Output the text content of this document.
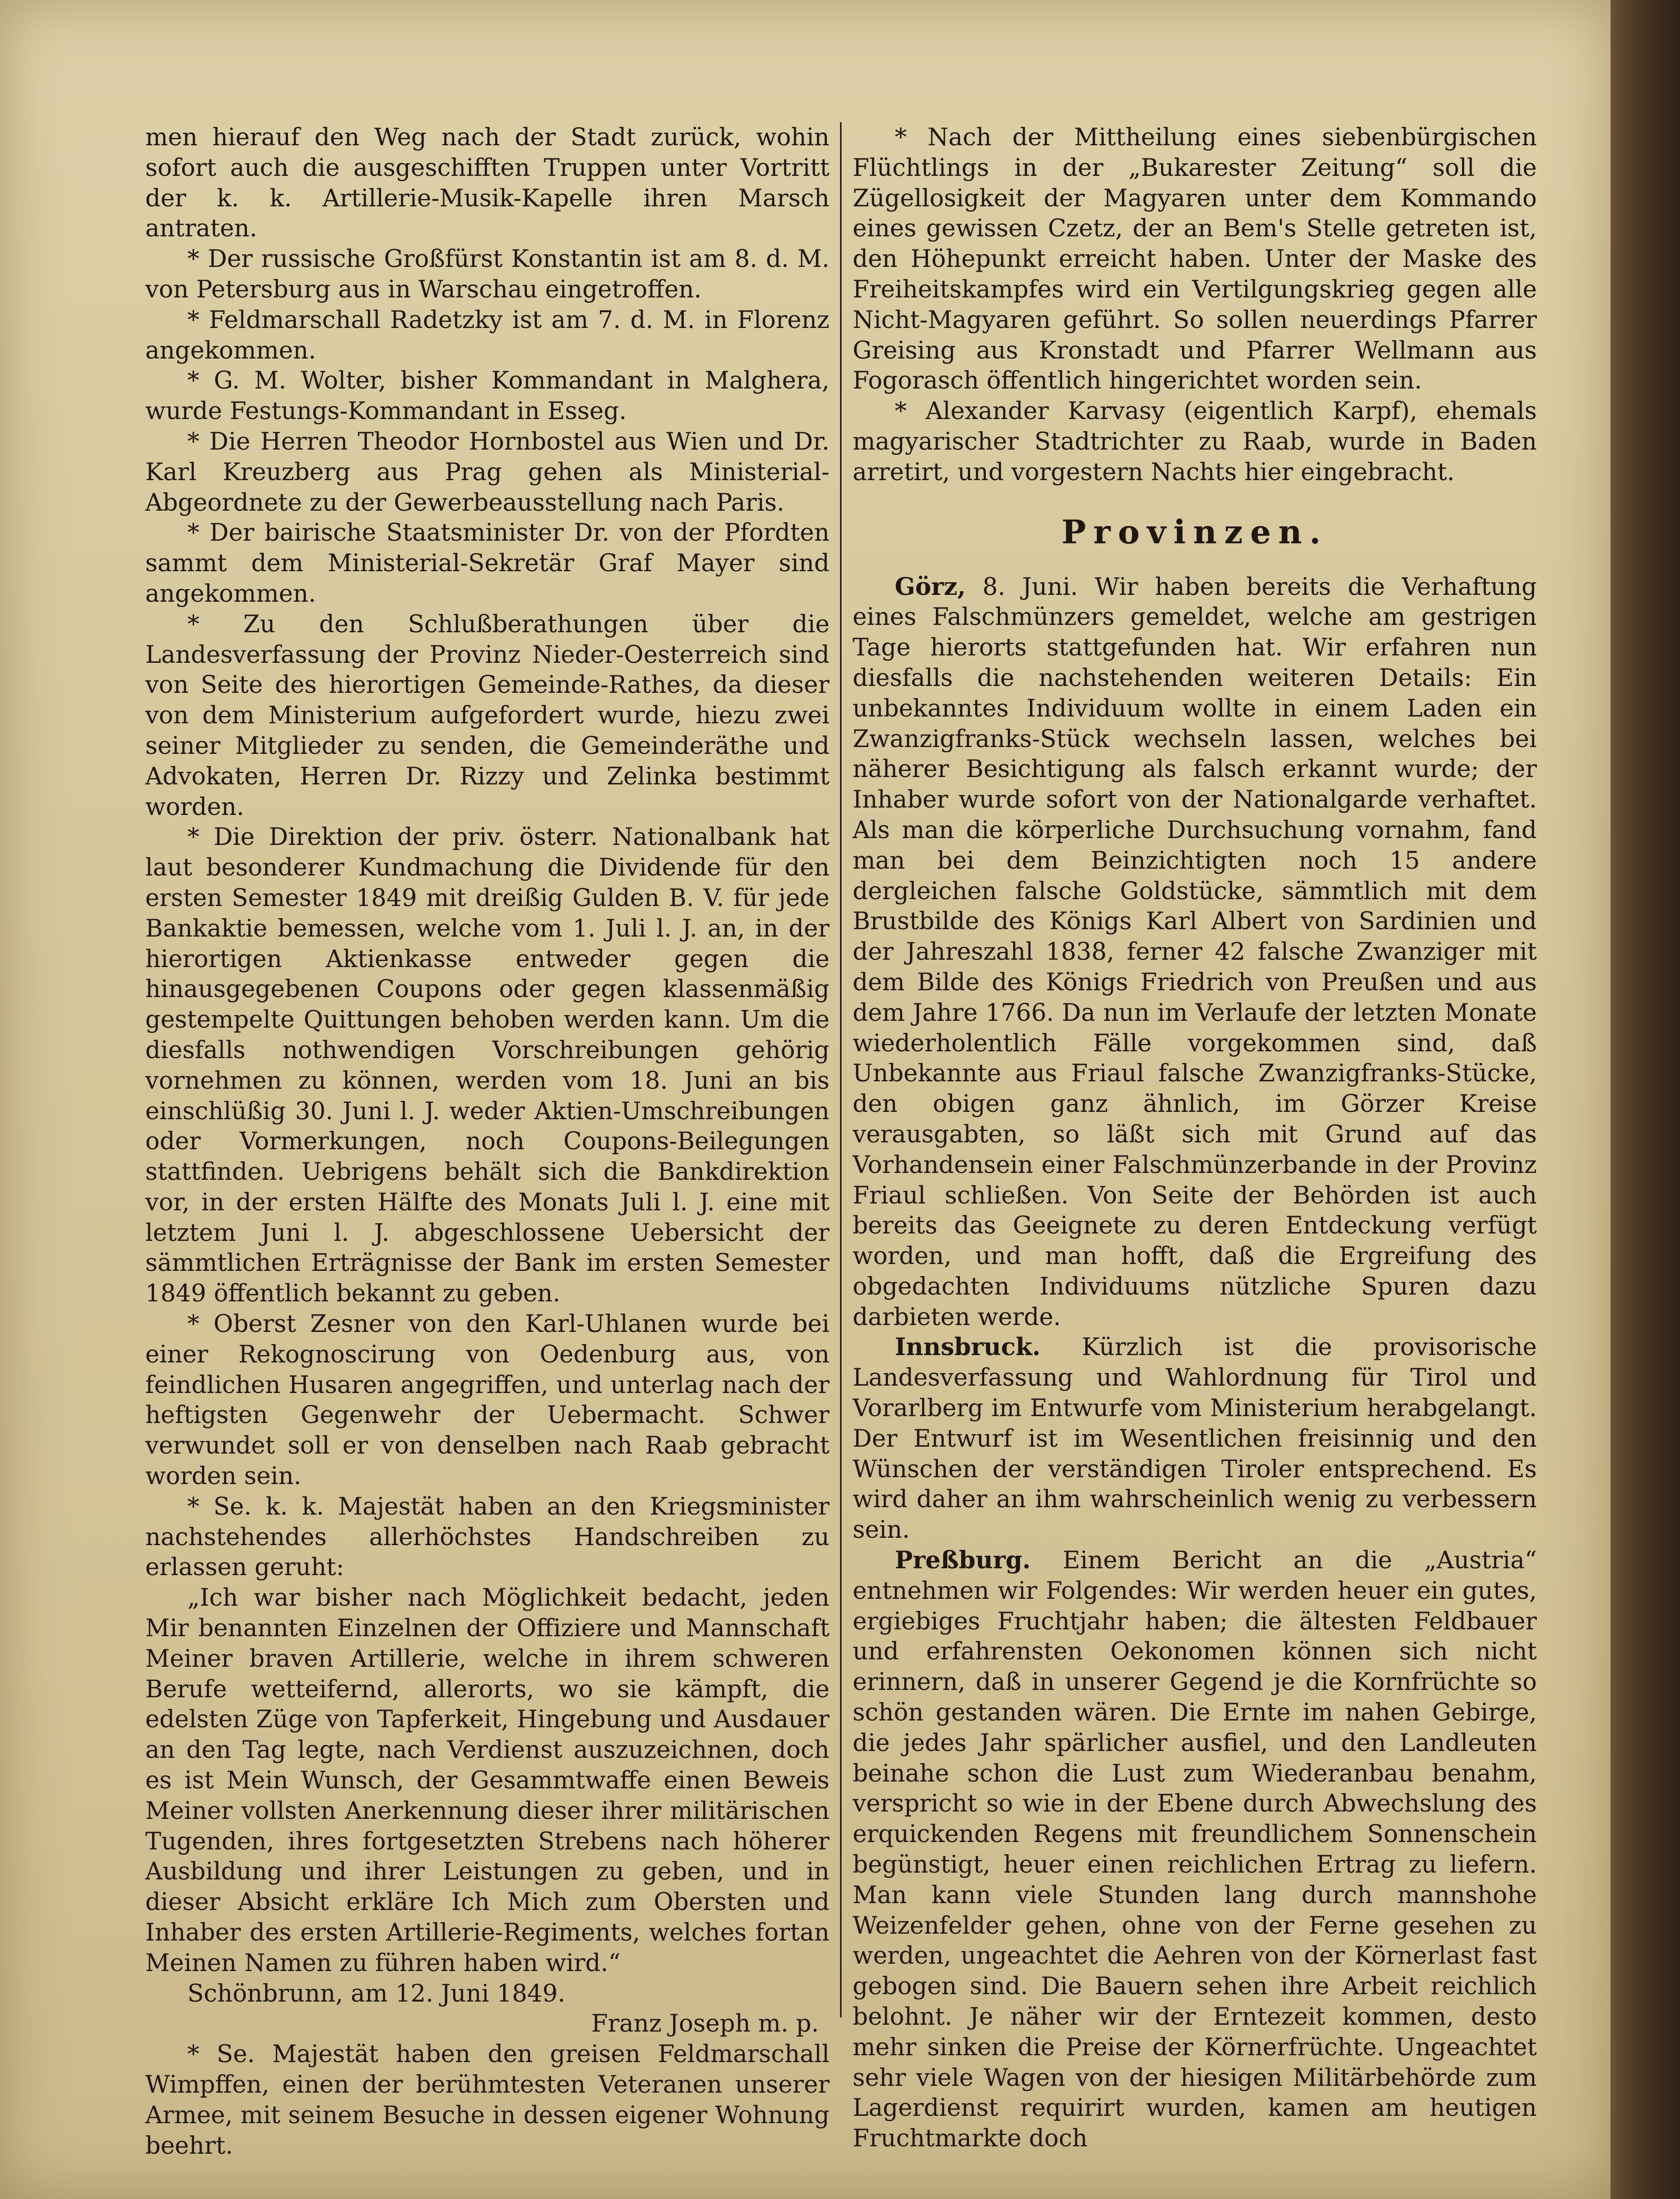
men hierauf den Weg nach der Stadt zurück, wohin sofort auch die ausgeschifften Truppen unter Vortritt der k. k. Artillerie-Musik-Kapelle ihren Marsch antraten.

* Der russische Großfürst Konstantin ist am 8. d. M. von Petersburg aus in Warschau eingetroffen.

* Feldmarschall Radetzky ist am 7. d. M. in Florenz angekommen.

* G. M. Wolter, bisher Kommandant in Malghera, wurde Festungs-Kommandant in Esseg.

* Die Herren Theodor Hornbostel aus Wien und Dr. Karl Kreuzberg aus Prag gehen als Ministerial-Abgeordnete zu der Gewerbeausstellung nach Paris.

* Der bairische Staatsminister Dr. von der Pfordten sammt dem Ministerial-Sekretär Graf Mayer sind angekommen.

* Zu den Schlußberathungen über die Landesverfassung der Provinz Nieder-Oesterreich sind von Seite des hierortigen Gemeinde-Rathes, da dieser von dem Ministerium aufgefordert wurde, hiezu zwei seiner Mitglieder zu senden, die Gemeinderäthe und Advokaten, Herren Dr. Rizzy und Zelinka bestimmt worden.

* Die Direktion der priv. österr. Nationalbank hat laut besonderer Kundmachung die Dividende für den ersten Semester 1849 mit dreißig Gulden B. V. für jede Bankaktie bemessen, welche vom 1. Juli l. J. an, in der hierortigen Aktienkasse entweder gegen die hinausgegebenen Coupons oder gegen klassenmäßig gestempelte Quittungen behoben werden kann. Um die diesfalls nothwendigen Vorschreibungen gehörig vornehmen zu können, werden vom 18. Juni an bis einschlüßig 30. Juni l. J. weder Aktien-Umschreibungen oder Vormerkungen, noch Coupons-Beilegungen stattfinden. Uebrigens behält sich die Bankdirektion vor, in der ersten Hälfte des Monats Juli l. J. eine mit letztem Juni l. J. abgeschlossene Uebersicht der sämmtlichen Erträgnisse der Bank im ersten Semester 1849 öffentlich bekannt zu geben.

* Oberst Zesner von den Karl-Uhlanen wurde bei einer Rekognoscirung von Oedenburg aus, von feindlichen Husaren angegriffen, und unterlag nach der heftigsten Gegenwehr der Uebermacht. Schwer verwundet soll er von denselben nach Raab gebracht worden sein.

* Se. k. k. Majestät haben an den Kriegsminister nachstehendes allerhöchstes Handschreiben zu erlassen geruht:

„Ich war bisher nach Möglichkeit bedacht, jeden Mir benannten Einzelnen der Offiziere und Mannschaft Meiner braven Artillerie, welche in ihrem schweren Berufe wetteifernd, allerorts, wo sie kämpft, die edelsten Züge von Tapferkeit, Hingebung und Ausdauer an den Tag legte, nach Verdienst auszuzeichnen, doch es ist Mein Wunsch, der Gesammtwaffe einen Beweis Meiner vollsten Anerkennung dieser ihrer militärischen Tugenden, ihres fortgesetzten Strebens nach höherer Ausbildung und ihrer Leistungen zu geben, und in dieser Absicht erkläre Ich Mich zum Obersten und Inhaber des ersten Artillerie-Regiments, welches fortan Meinen Namen zu führen haben wird.“

Schönbrunn, am 12. Juni 1849.

Franz Joseph m. p.

* Se. Majestät haben den greisen Feldmarschall Wimpffen, einen der berühmtesten Veteranen unserer Armee, mit seinem Besuche in dessen eigener Wohnung beehrt.

* Nach der Mittheilung eines siebenbürgischen Flüchtlings in der „Bukarester Zeitung“ soll die Zügellosigkeit der Magyaren unter dem Kommando eines gewissen Czetz, der an Bem's Stelle getreten ist, den Höhepunkt erreicht haben. Unter der Maske des Freiheitskampfes wird ein Vertilgungskrieg gegen alle Nicht-Magyaren geführt. So sollen neuerdings Pfarrer Greising aus Kronstadt und Pfarrer Wellmann aus Fogorasch öffentlich hingerichtet worden sein.

* Alexander Karvasy (eigentlich Karpf), ehemals magyarischer Stadtrichter zu Raab, wurde in Baden arretirt, und vorgestern Nachts hier eingebracht.

Provinzen.

Görz, 8. Juni. Wir haben bereits die Verhaftung eines Falschmünzers gemeldet, welche am gestrigen Tage hierorts stattgefunden hat. Wir erfahren nun diesfalls die nachstehenden weiteren Details: Ein unbekanntes Individuum wollte in einem Laden ein Zwanzigfranks-Stück wechseln lassen, welches bei näherer Besichtigung als falsch erkannt wurde; der Inhaber wurde sofort von der Nationalgarde verhaftet. Als man die körperliche Durchsuchung vornahm, fand man bei dem Beinzichtigten noch 15 andere dergleichen falsche Goldstücke, sämmtlich mit dem Brustbilde des Königs Karl Albert von Sardinien und der Jahreszahl 1838, ferner 42 falsche Zwanziger mit dem Bilde des Königs Friedrich von Preußen und aus dem Jahre 1766. Da nun im Verlaufe der letzten Monate wiederholentlich Fälle vorgekommen sind, daß Unbekannte aus Friaul falsche Zwanzigfranks-Stücke, den obigen ganz ähnlich, im Görzer Kreise verausgabten, so läßt sich mit Grund auf das Vorhandensein einer Falschmünzerbande in der Provinz Friaul schließen. Von Seite der Behörden ist auch bereits das Geeignete zu deren Entdeckung verfügt worden, und man hofft, daß die Ergreifung des obgedachten Individuums nützliche Spuren dazu darbieten werde.

Innsbruck. Kürzlich ist die provisorische Landesverfassung und Wahlordnung für Tirol und Vorarlberg im Entwurfe vom Ministerium herabgelangt. Der Entwurf ist im Wesentlichen freisinnig und den Wünschen der verständigen Tiroler entsprechend. Es wird daher an ihm wahrscheinlich wenig zu verbessern sein.

Preßburg. Einem Bericht an die „Austria“ entnehmen wir Folgendes: Wir werden heuer ein gutes, ergiebiges Fruchtjahr haben; die ältesten Feldbauer und erfahrensten Oekonomen können sich nicht erinnern, daß in unserer Gegend je die Kornfrüchte so schön gestanden wären. Die Ernte im nahen Gebirge, die jedes Jahr spärlicher ausfiel, und den Landleuten beinahe schon die Lust zum Wiederanbau benahm, verspricht so wie in der Ebene durch Abwechslung des erquickenden Regens mit freundlichem Sonnenschein begünstigt, heuer einen reichlichen Ertrag zu liefern. Man kann viele Stunden lang durch mannshohe Weizenfelder gehen, ohne von der Ferne gesehen zu werden, ungeachtet die Aehren von der Körnerlast fast gebogen sind. Die Bauern sehen ihre Arbeit reichlich belohnt. Je näher wir der Erntezeit kommen, desto mehr sinken die Preise der Körnerfrüchte. Ungeachtet sehr viele Wagen von der hiesigen Militärbehörde zum Lagerdienst requirirt wurden, kamen am heutigen Fruchtmarkte doch
